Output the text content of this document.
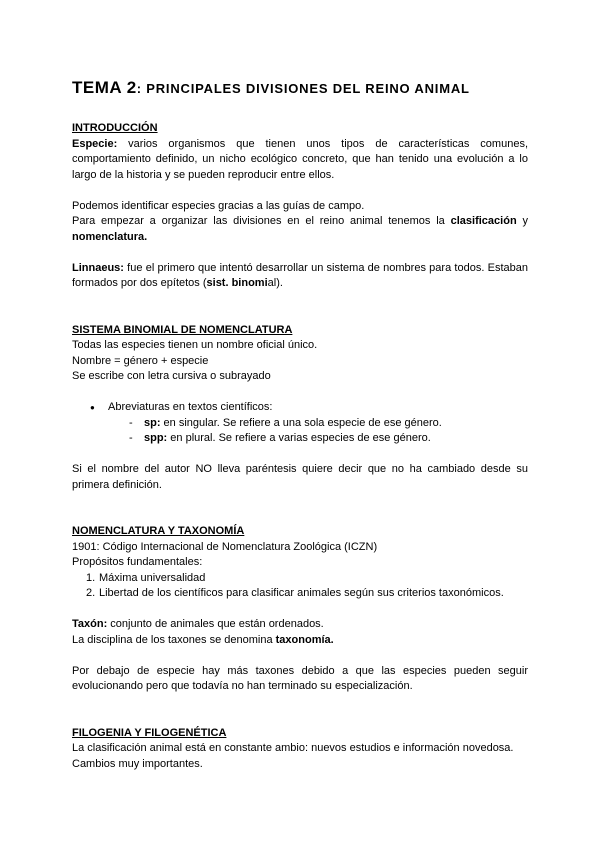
TEMA 2: PRINCIPALES DIVISIONES DEL REINO ANIMAL

INTRODUCCIÓN

Especie: varios organismos que tienen unos tipos de características comunes, comportamiento definido, un nicho ecológico concreto, que han tenido una evolución a lo largo de la historia y se pueden reproducir entre ellos.

Podemos identificar especies gracias a las guías de campo.

Para empezar a organizar las divisiones en el reino animal tenemos la clasificación y nomenclatura.

Linnaeus: fue el primero que intentó desarrollar un sistema de nombres para todos. Estaban formados por dos epítetos (sist. binomial).

SISTEMA BINOMIAL DE NOMENCLATURA

Todas las especies tienen un nombre oficial único.

Nombre = género + especie

Se escribe con letra cursiva o subrayado

● Abreviaturas en textos científicos:
- sp: en singular. Se refiere a una sola especie de ese género.
- spp: en plural. Se refiere a varias especies de ese género.

Si el nombre del autor NO lleva paréntesis quiere decir que no ha cambiado desde su primera definición.

NOMENCLATURA Y TAXONOMÍA

1901: Código Internacional de Nomenclatura Zoológica (ICZN)

Propósitos fundamentales:

1. Máxima universalidad
2. Libertad de los científicos para clasificar animales según sus criterios taxonómicos.

Taxón: conjunto de animales que están ordenados.

La disciplina de los taxones se denomina taxonomía.

Por debajo de especie hay más taxones debido a que las especies pueden seguir evolucionando pero que todavía no han terminado su especialización.

FILOGENIA Y FILOGENÉTICA

La clasificación animal está en constante ambio: nuevos estudios e información novedosa.

Cambios muy importantes.
